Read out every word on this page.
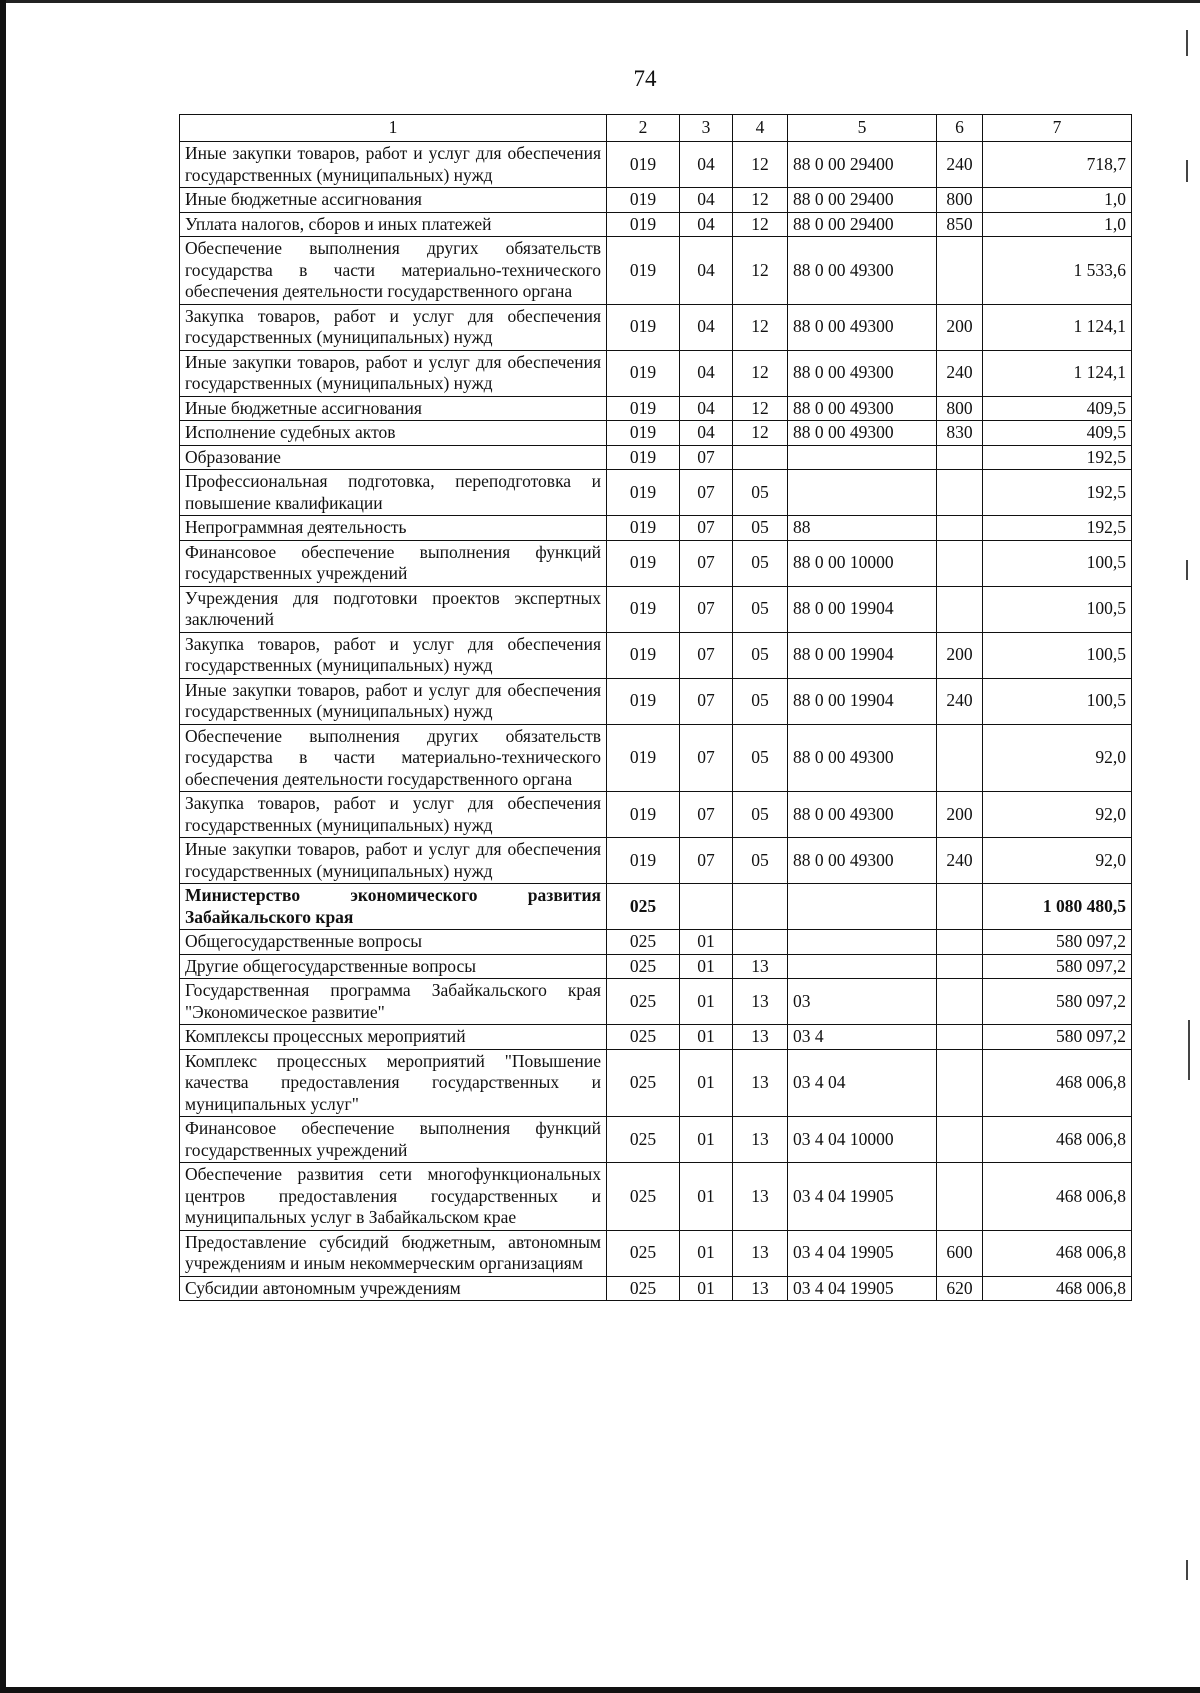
74
1	2	3	4	5	6	7
Иные закупки товаров, работ и услуг для обеспечения государственных (муниципальных) нужд	019	04	12	88 0 00 29400	240	718,7
Иные бюджетные ассигнования	019	04	12	88 0 00 29400	800	1,0
Уплата налогов, сборов и иных платежей	019	04	12	88 0 00 29400	850	1,0
Обеспечение выполнения других обязательств государства в части материально-технического обеспечения деятельности государственного органа	019	04	12	88 0 00 49300		1 533,6
Закупка товаров, работ и услуг для обеспечения государственных (муниципальных) нужд	019	04	12	88 0 00 49300	200	1 124,1
Иные закупки товаров, работ и услуг для обеспечения государственных (муниципальных) нужд	019	04	12	88 0 00 49300	240	1 124,1
Иные бюджетные ассигнования	019	04	12	88 0 00 49300	800	409,5
Исполнение судебных актов	019	04	12	88 0 00 49300	830	409,5
Образование	019	07				192,5
Профессиональная подготовка, переподготовка и повышение квалификации	019	07	05			192,5
Непрограммная деятельность	019	07	05	88		192,5
Финансовое обеспечение выполнения функций государственных учреждений	019	07	05	88 0 00 10000		100,5
Учреждения для подготовки проектов экспертных заключений	019	07	05	88 0 00 19904		100,5
Закупка товаров, работ и услуг для обеспечения государственных (муниципальных) нужд	019	07	05	88 0 00 19904	200	100,5
Иные закупки товаров, работ и услуг для обеспечения государственных (муниципальных) нужд	019	07	05	88 0 00 19904	240	100,5
Обеспечение выполнения других обязательств государства в части материально-технического обеспечения деятельности государственного органа	019	07	05	88 0 00 49300		92,0
Закупка товаров, работ и услуг для обеспечения государственных (муниципальных) нужд	019	07	05	88 0 00 49300	200	92,0
Иные закупки товаров, работ и услуг для обеспечения государственных (муниципальных) нужд	019	07	05	88 0 00 49300	240	92,0
Министерство экономического развития Забайкальского края	025					1 080 480,5
Общегосударственные вопросы	025	01				580 097,2
Другие общегосударственные вопросы	025	01	13			580 097,2
Государственная программа Забайкальского края "Экономическое развитие"	025	01	13	03		580 097,2
Комплексы процессных мероприятий	025	01	13	03 4		580 097,2
Комплекс процессных мероприятий "Повышение качества предоставления государственных и муниципальных услуг"	025	01	13	03 4 04		468 006,8
Финансовое обеспечение выполнения функций государственных учреждений	025	01	13	03 4 04 10000		468 006,8
Обеспечение развития сети многофункциональных центров предоставления государственных и муниципальных услуг в Забайкальском крае	025	01	13	03 4 04 19905		468 006,8
Предоставление субсидий бюджетным, автономным учреждениям и иным некоммерческим организациям	025	01	13	03 4 04 19905	600	468 006,8
Субсидии автономным учреждениям	025	01	13	03 4 04 19905	620	468 006,8
